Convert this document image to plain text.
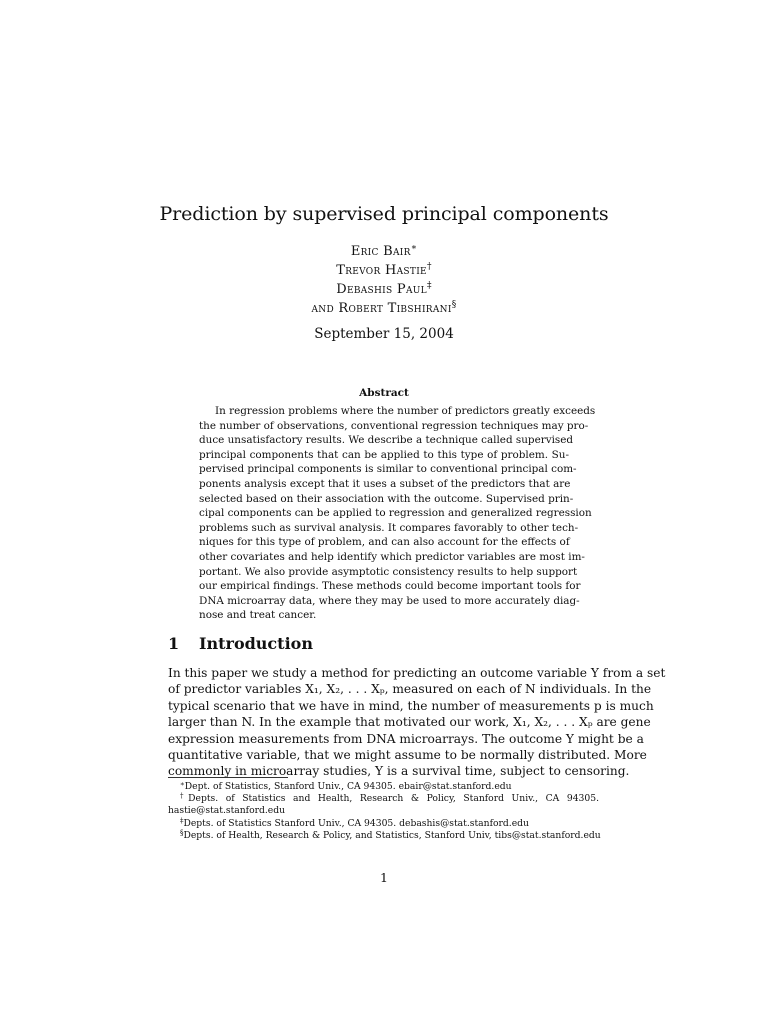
Prediction by supervised principal components
Eric Bair∗
Trevor Hastie†
Debashis Paul‡
and Robert Tibshirani§
September 15, 2004
Abstract
In regression problems where the number of predictors greatly exceeds
the number of observations, conventional regression techniques may pro-
duce unsatisfactory results. We describe a technique called supervised
principal components that can be applied to this type of problem. Su-
pervised principal components is similar to conventional principal com-
ponents analysis except that it uses a subset of the predictors that are
selected based on their association with the outcome. Supervised prin-
cipal components can be applied to regression and generalized regression
problems such as survival analysis. It compares favorably to other tech-
niques for this type of problem, and can also account for the effects of
other covariates and help identify which predictor variables are most im-
portant. We also provide asymptotic consistency results to help support
our empirical findings. These methods could become important tools for
DNA microarray data, where they may be used to more accurately diag-
nose and treat cancer.
1 Introduction
In this paper we study a method for predicting an outcome variable Y from a set
of predictor variables X₁, X₂, . . . Xₚ, measured on each of N individuals. In the
typical scenario that we have in mind, the number of measurements p is much
larger than N. In the example that motivated our work, X₁, X₂, . . . Xₚ are gene
expression measurements from DNA microarrays. The outcome Y might be a
quantitative variable, that we might assume to be normally distributed. More
commonly in microarray studies, Y is a survival time, subject to censoring.
∗Dept. of Statistics, Stanford Univ., CA 94305. ebair@stat.stanford.edu
†Depts. of Statistics and Health, Research & Policy, Stanford Univ., CA 94305.
hastie@stat.stanford.edu
‡Depts. of Statistics Stanford Univ., CA 94305. debashis@stat.stanford.edu
§Depts. of Health, Research & Policy, and Statistics, Stanford Univ, tibs@stat.stanford.edu
1
